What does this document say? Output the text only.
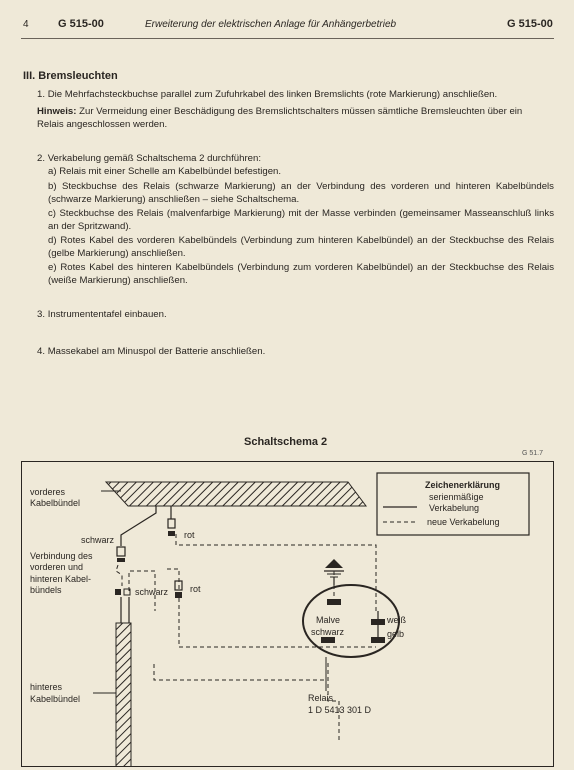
4	G 515-00	Erweiterung der elektrischen Anlage für Anhängerbetrieb	G 515-00
III. Bremsleuchten
1. Die Mehrfachsteckbuchse parallel zum Zufuhrkabel des linken Bremslichts (rote Markierung) anschließen.
Hinweis: Zur Vermeidung einer Beschädigung des Bremslichtschalters müssen sämtliche Bremsleuchten über ein
Relais angeschlossen werden.
2. Verkabelung gemäß Schaltschema 2 durchführen:
a) Relais mit einer Schelle am Kabelbündel befestigen.
b) Steckbuchse des Relais (schwarze Markierung) an der Verbindung des vorderen und hinteren Kabelbündels (schwarze Markierung) anschließen – siehe Schaltschema.
c) Steckbuchse des Relais (malvenfarbige Markierung) mit der Masse verbinden (gemeinsamer Masseanschluß links an der Spritzwand).
d) Rotes Kabel des vorderen Kabelbündels (Verbindung zum hinteren Kabelbündel) an der Steckbuchse des Relais (gelbe Markierung) anschließen.
e) Rotes Kabel des hinteren Kabelbündels (Verbindung zum vorderen Kabelbündel) an der Steckbuchse des Relais (weiße Markierung) anschließen.
3. Instrumententafel einbauen.
4. Massekabel am Minuspol der Batterie anschließen.
Schaltschema 2
G 51.7
vorderes
Kabelbündel
schwarz	rot
Verbindung des
vorderen und
hinteren Kabel-
bündels	schwarz rot
hinteres
Kabelbündel
Malve
schwarz
weiß
gelb
Relais
1 D 5413 301 D
Zeichenerklärung
serienmäßige
Verkabelung
neue Verkabelung
